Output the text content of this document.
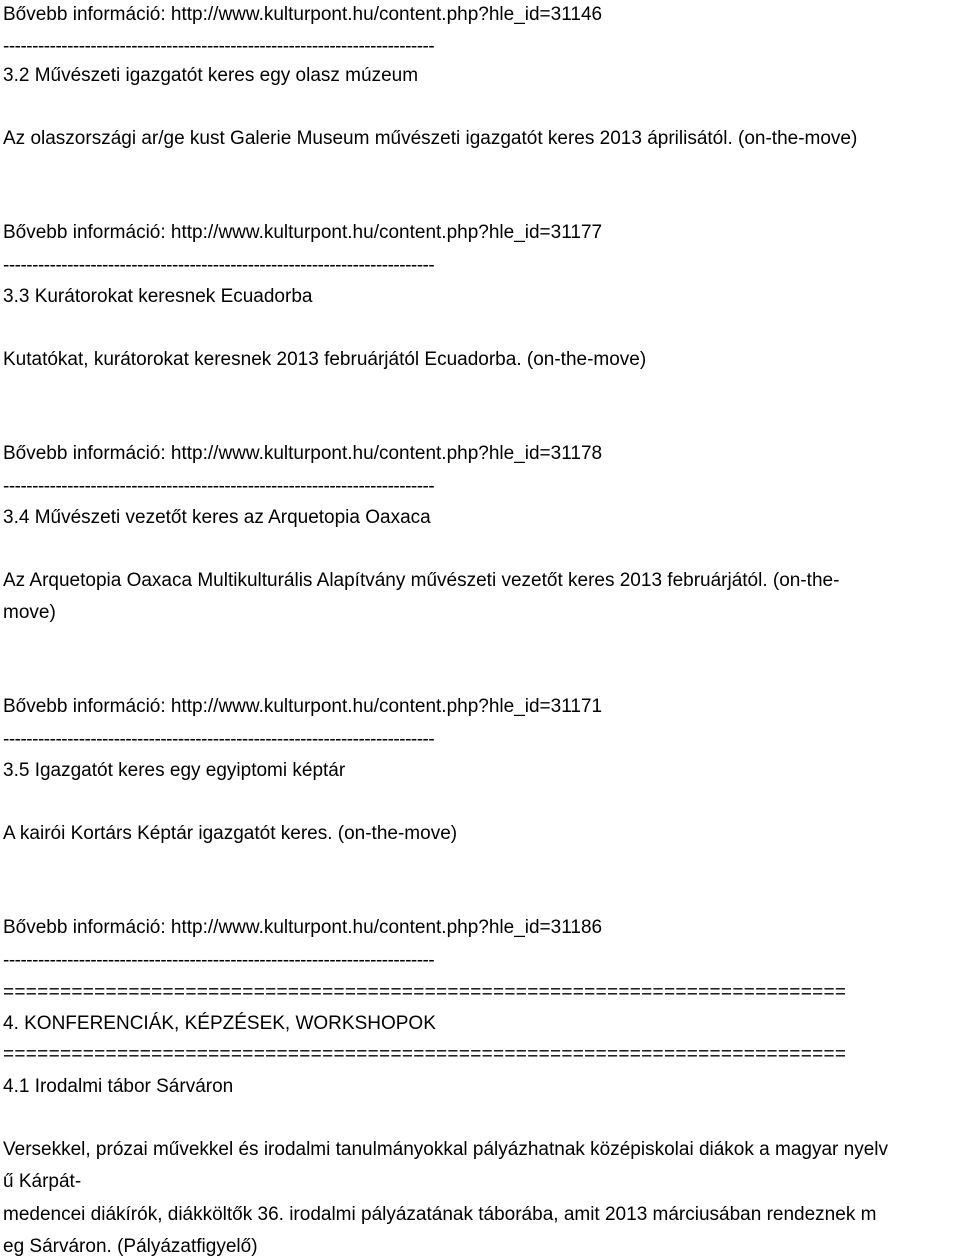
Bővebb információ: http://www.kulturpont.hu/content.php?hle_id=31146
--------------------------------------------------------------------------
3.2 Művészeti igazgatót keres egy olasz múzeum
Az olaszországi ar/ge kust Galerie Museum művészeti igazgatót keres 2013 áprilisától. (on-the-move)
Bővebb információ: http://www.kulturpont.hu/content.php?hle_id=31177
--------------------------------------------------------------------------
3.3 Kurátorokat keresnek Ecuadorba
Kutatókat, kurátorokat keresnek 2013 februárjától Ecuadorba. (on-the-move)
Bővebb információ: http://www.kulturpont.hu/content.php?hle_id=31178
--------------------------------------------------------------------------
3.4 Művészeti vezetőt keres az Arquetopia Oaxaca
Az Arquetopia Oaxaca Multikulturális Alapítvány művészeti vezetőt keres 2013 februárjától. (on-the-
move)
Bővebb információ: http://www.kulturpont.hu/content.php?hle_id=31171
--------------------------------------------------------------------------
3.5 Igazgatót keres egy egyiptomi képtár
A kairói Kortárs Képtár igazgatót keres. (on-the-move)
Bővebb információ: http://www.kulturpont.hu/content.php?hle_id=31186
--------------------------------------------------------------------------
==========================================================================
4. KONFERENCIÁK, KÉPZÉSEK, WORKSHOPOK
==========================================================================
4.1 Irodalmi tábor Sárváron
Versekkel, prózai művekkel és irodalmi tanulmányokkal pályázhatnak középiskolai diákok a magyar nyelv
ű Kárpát-
medencei diákírók, diákköltők 36. irodalmi pályázatának táborába, amit 2013 márciusában rendeznek m
eg Sárváron. (Pályázatfigyelő)
